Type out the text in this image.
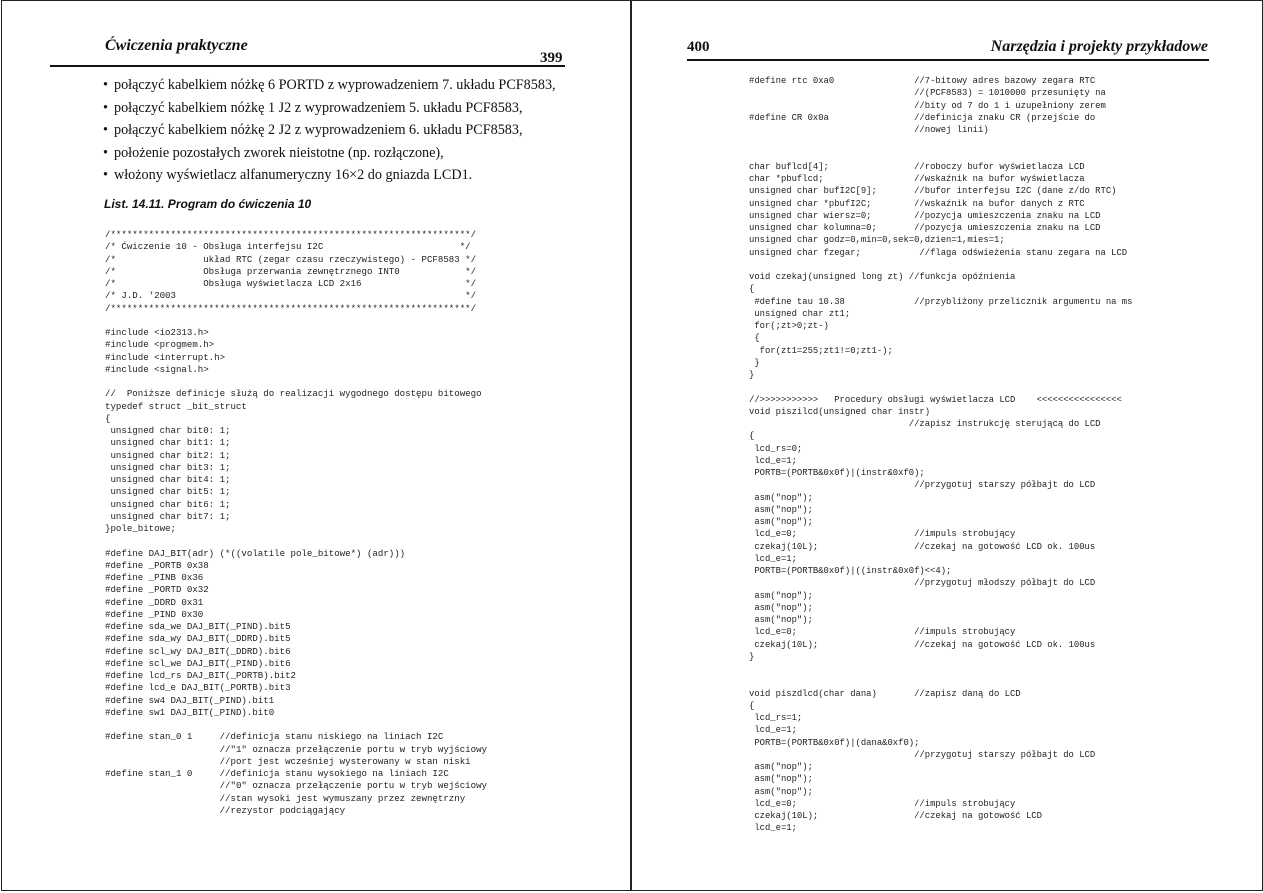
Ćwiczenia praktyczne
399
• połączyć kabelkiem nóżkę 6 PORTD z wyprowadzeniem 7. układu PCF8583,
• połączyć kabelkiem nóżkę 1 J2 z wyprowadzeniem 5. układu PCF8583,
• połączyć kabelkiem nóżkę 2 J2 z wyprowadzeniem 6. układu PCF8583,
• położenie pozostałych zworek nieistotne (np. rozłączone),
• włożony wyświetlacz alfanumeryczny 16×2 do gniazda LCD1.
List. 14.11. Program do ćwiczenia 10
/******************************************************************/
/* Ćwiczenie 10 - Obsługa interfejsu I2C                         */
/*                układ RTC (zegar czasu rzeczywistego) - PCF8583 */
/*                Obsługa przerwania zewnętrznego INT0            */
/*                Obsługa wyświetlacza LCD 2x16                   */
/* J.D. '2003                                                     */
/******************************************************************/

#include <io2313.h>
#include <progmem.h>
#include <interrupt.h>
#include <signal.h>

//  Poniższe definicje służą do realizacji wygodnego dostępu bitowego
typedef struct _bit_struct
{
unsigned char bit0: 1;
unsigned char bit1: 1;
unsigned char bit2: 1;
unsigned char bit3: 1;
unsigned char bit4: 1;
unsigned char bit5: 1;
unsigned char bit6: 1;
unsigned char bit7: 1;
}pole_bitowe;

#define DAJ_BIT(adr) (*((volatile pole_bitowe*) (adr)))
#define _PORTB 0x38
#define _PINB 0x36
#define _PORTD 0x32
#define _DDRD 0x31
#define _PIND 0x30
#define sda_we DAJ_BIT(_PIND).bit5
#define sda_wy DAJ_BIT(_DDRD).bit5
#define scl_wy DAJ_BIT(_DDRD).bit6
#define scl_we DAJ_BIT(_PIND).bit6
#define lcd_rs DAJ_BIT(_PORTB).bit2
#define lcd_e DAJ_BIT(_PORTB).bit3
#define sw4 DAJ_BIT(_PIND).bit1
#define sw1 DAJ_BIT(_PIND).bit0

#define stan_0 1     //definicja stanu niskiego na liniach I2C
//"1" oznacza przełączenie portu w tryb wyjściowy
//port jest wcześniej wysterowany w stan niski
#define stan_1 0     //definicja stanu wysokiego na liniach I2C
//"0" oznacza przełączenie portu w tryb wejściowy
//stan wysoki jest wymuszany przez zewnętrzny
//rezystor podciągający
400	Narzędzia i projekty przykładowe
#define rtc 0xa0               //7-bitowy adres bazowy zegara RTC
//(PCF8583) = 1010000 przesunięty na
//bity od 7 do 1 i uzupełniony zerem
#define CR 0x0a                //definicja znaku CR (przejście do
//nowej linii)

char buflcd[4];                //roboczy bufor wyświetlacza LCD
char *pbuflcd;                 //wskaźnik na bufor wyświetlacza
unsigned char bufI2C[9];       //bufor interfejsu I2C (dane z/do RTC)
unsigned char *pbufI2C;        //wskaźnik na bufor danych z RTC
unsigned char wiersz=0;        //pozycja umieszczenia znaku na LCD
unsigned char kolumna=0;       //pozycja umieszczenia znaku na LCD
unsigned char godz=0,min=0,sek=0,dzien=1,mies=1;
unsigned char fzegar;           //flaga odświeżenia stanu zegara na LCD

void czekaj(unsigned long zt) //funkcja opóźnienia
{
#define tau 10.38             //przybliżony przelicznik argumentu na ms
unsigned char zt1;
for(;zt>0;zt-)
{
for(zt1=255;zt1!=0;zt1-);
}
}

//>>>>>>>>>>>   Procedury obsługi wyświetlacza LCD    <<<<<<<<<<<<<<<<
void piszilcd(unsigned char instr)
//zapisz instrukcję sterującą do LCD
{
lcd_rs=0;
lcd_e=1;
PORTB=(PORTB&0x0f)|(instr&0xf0);
//przygotuj starszy półbajt do LCD
asm("nop");
asm("nop");
asm("nop");
lcd_e=0;                      //impuls strobujący
czekaj(10L);                  //czekaj na gotowość LCD ok. 100us
lcd_e=1;
PORTB=(PORTB&0x0f)|((instr&0x0f)<<4);
//przygotuj młodszy półbajt do LCD
asm("nop");
asm("nop");
asm("nop");
lcd_e=0;                      //impuls strobujący
czekaj(10L);                  //czekaj na gotowość LCD ok. 100us
}

void piszdlcd(char dana)       //zapisz daną do LCD
{
lcd_rs=1;
lcd_e=1;
PORTB=(PORTB&0x0f)|(dana&0xf0);
//przygotuj starszy półbajt do LCD
asm("nop");
asm("nop");
asm("nop");
lcd_e=0;                      //impuls strobujący
czekaj(10L);                  //czekaj na gotowość LCD
lcd_e=1;
